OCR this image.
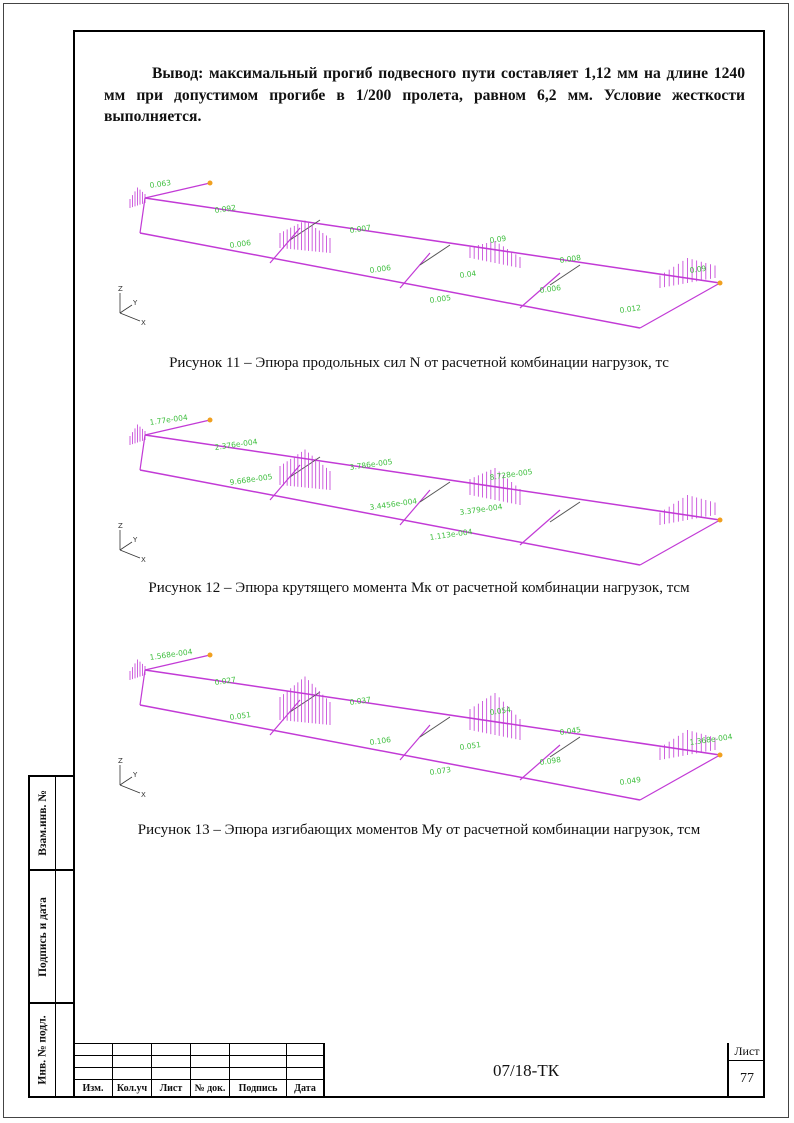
Вывод: максимальный прогиб подвесного пути составляет 1,12 мм на длине 1240 мм при допустимом прогибе в 1/200 пролета, равном 6,2 мм. Условие жесткости выполняется.

0.063
0.092
0.006
0.007
0.006
0.005
0.04
0.09
0.006
0.008
0.012
0.09
Z
Y
X

Рисунок 11 – Эпюра продольных сил N от расчетной комбинации нагрузок, тс

1.77e-004
2.376e-004
9.668e-005
3.786e-005
3.4456e-004
1.113e-004
3.379e-004
8.728e-005
Z
Y
X

Рисунок 12 – Эпюра крутящего момента Мк от расчетной комбинации нагрузок, тсм

1.568e-004
0.027
0.051
0.037
0.106
0.073
0.051
0.054
0.098
0.045
0.049
1.368e-004
Z
Y
X

Рисунок 13 – Эпюра изгибающих моментов Му от расчетной комбинации нагрузок, тсм

Взам.инв. №
Подпись и дата
Инв. № подл.

Изм.	Кол.уч	Лист	№ док.	Подпись	Дата
07/18-ТК
Лист
77
